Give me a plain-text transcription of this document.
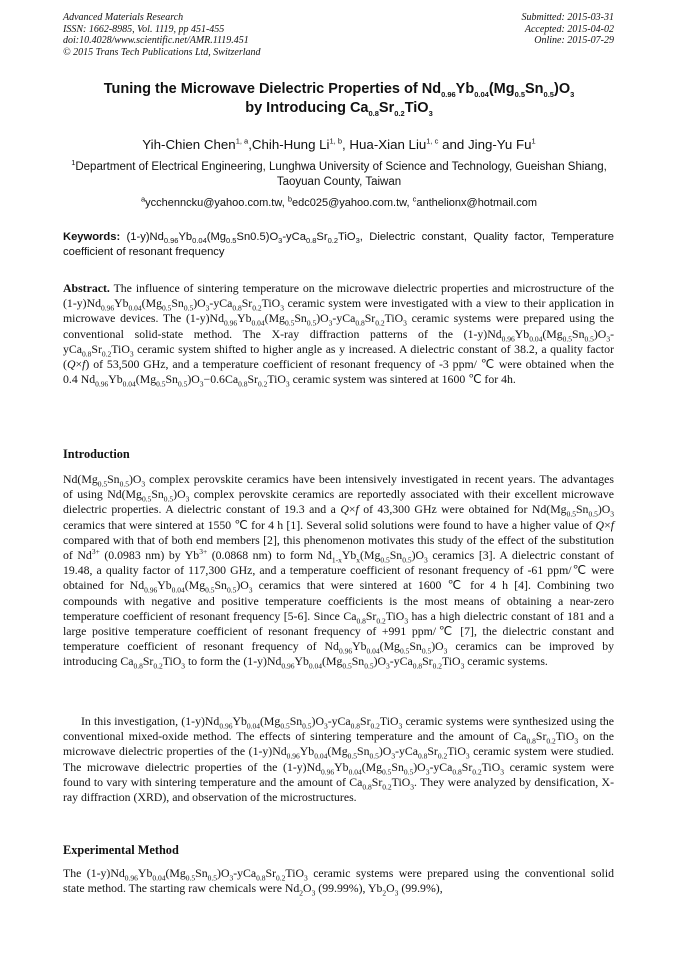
Advanced Materials Research
ISSN: 1662-8985, Vol. 1119, pp 451-455
doi:10.4028/www.scientific.net/AMR.1119.451
© 2015 Trans Tech Publications Ltd, Switzerland
Submitted: 2015-03-31
Accepted: 2015-04-02
Online: 2015-07-29
Tuning the Microwave Dielectric Properties of $Nd_{0.96}Yb_{0.04}(Mg_{0.5}Sn_{0.5})O_3$
by Introducing $Ca_{0.8}Sr_{0.2}TiO_3$
Yih-Chien Chen$^{1, a}$,Chih-Hung Li$^{1, b}$, Hua-Xian Liu$^{1, c}$ and Jing-Yu Fu$^1$
$^1$Department of Electrical Engineering, Lunghwa University of Science and Technology, Gueishan Shiang, Taoyuan County, Taiwan
$^a$ycchenncku@yahoo.com.tw, $^b$edc025@yahoo.com.tw, $^c$anthelionx@hotmail.com
Keywords: $(1-y)Nd_{0.96}Yb_{0.04}(Mg_{0.5}Sn0.5)O_3-yCa_{0.8}Sr_{0.2}TiO_3$, Dielectric constant, Quality factor, Temperature coefficient of resonant frequency
Abstract. The influence of sintering temperature on the microwave dielectric properties and microstructure of the $(1-y)Nd_{0.96}Yb_{0.04}(Mg_{0.5}Sn_{0.5})O_3-yCa_{0.8}Sr_{0.2}TiO_3$ ceramic system were investigated with a view to their application in microwave devices. The $(1-y)Nd_{0.96}Yb_{0.04}(Mg_{0.5}Sn_{0.5})O_3-yCa_{0.8}Sr_{0.2}TiO_3$ ceramic systems were prepared using the conventional solid-state method. The X-ray diffraction patterns of the $(1-y)Nd_{0.96}Yb_{0.04}(Mg_{0.5}Sn_{0.5})O_3-yCa_{0.8}Sr_{0.2}TiO_3$ ceramic system shifted to higher angle as y increased. A dielectric constant of 38.2, a quality factor (Q×f) of 53,500 GHz, and a temperature coefficient of resonant frequency of -3 ppm/ ℃ were obtained when the 0.4 $Nd_{0.96}Yb_{0.04}(Mg_{0.5}Sn_{0.5})O_3-0.6Ca_{0.8}Sr_{0.2}TiO_3$ ceramic system was sintered at 1600 ℃ for 4h.
Introduction
$Nd(Mg_{0.5}Sn_{0.5})O_3$ complex perovskite ceramics have been intensively investigated in recent years. The advantages of using $Nd(Mg_{0.5}Sn_{0.5})O_3$ complex perovskite ceramics are reportedly associated with their excellent microwave dielectric properties. A dielectric constant of 19.3 and a Q×f of 43,300 GHz were obtained for $Nd(Mg_{0.5}Sn_{0.5})O_3$ ceramics that were sintered at 1550 ℃ for 4 h [1]. Several solid solutions were found to have a higher value of Q×f compared with that of both end members [2], this phenomenon motivates this study of the effect of the substitution of $Nd^{3+}$ (0.0983 nm) by $Yb^{3+}$ (0.0868 nm) to form $Nd_{1-x}Yb_x(Mg_{0.5}Sn_{0.5})O_3$ ceramics [3]. A dielectric constant of 19.48, a quality factor of 117,300 GHz, and a temperature coefficient of resonant frequency of -61 ppm/℃ were obtained for $Nd_{0.96}Yb_{0.04}(Mg_{0.5}Sn_{0.5})O_3$ ceramics that were sintered at 1600 ℃ for 4 h [4]. Combining two compounds with negative and positive temperature coefficients is the most means of obtaining a near-zero temperature coefficient of resonant frequency [5-6]. Since $Ca_{0.8}Sr_{0.2}TiO_3$ has a high dielectric constant of 181 and a large positive temperature coefficient of resonant frequency of +991 ppm/℃ [7], the dielectric constant and temperature coefficient of resonant frequency of $Nd_{0.96}Yb_{0.04}(Mg_{0.5}Sn_{0.5})O_3$ ceramics can be improved by introducing $Ca_{0.8}Sr_{0.2}TiO_3$ to form the $(1-y)Nd_{0.96}Yb_{0.04}(Mg_{0.5}Sn_{0.5})O_3-yCa_{0.8}Sr_{0.2}TiO_3$ ceramic systems.
In this investigation, $(1-y)Nd_{0.96}Yb_{0.04}(Mg_{0.5}Sn_{0.5})O_3-yCa_{0.8}Sr_{0.2}TiO_3$ ceramic systems were synthesized using the conventional mixed-oxide method. The effects of sintering temperature and the amount of $Ca_{0.8}Sr_{0.2}TiO_3$ on the microwave dielectric properties of the $(1-y)Nd_{0.96}Yb_{0.04}(Mg_{0.5}Sn_{0.5})O_3-yCa_{0.8}Sr_{0.2}TiO_3$ ceramic system were studied. The microwave dielectric properties of the $(1-y)Nd_{0.96}Yb_{0.04}(Mg_{0.5}Sn_{0.5})O_3-yCa_{0.8}Sr_{0.2}TiO_3$ ceramic system were found to vary with sintering temperature and the amount of $Ca_{0.8}Sr_{0.2}TiO_3$. They were analyzed by densification, X-ray diffraction (XRD), and observation of the microstructures.
Experimental Method
The $(1-y)Nd_{0.96}Yb_{0.04}(Mg_{0.5}Sn_{0.5})O_3-yCa_{0.8}Sr_{0.2}TiO_3$ ceramic systems were prepared using the conventional solid state method. The starting raw chemicals were $Nd_2O_3$ (99.99%), $Yb_2O_3$ (99.9%),
